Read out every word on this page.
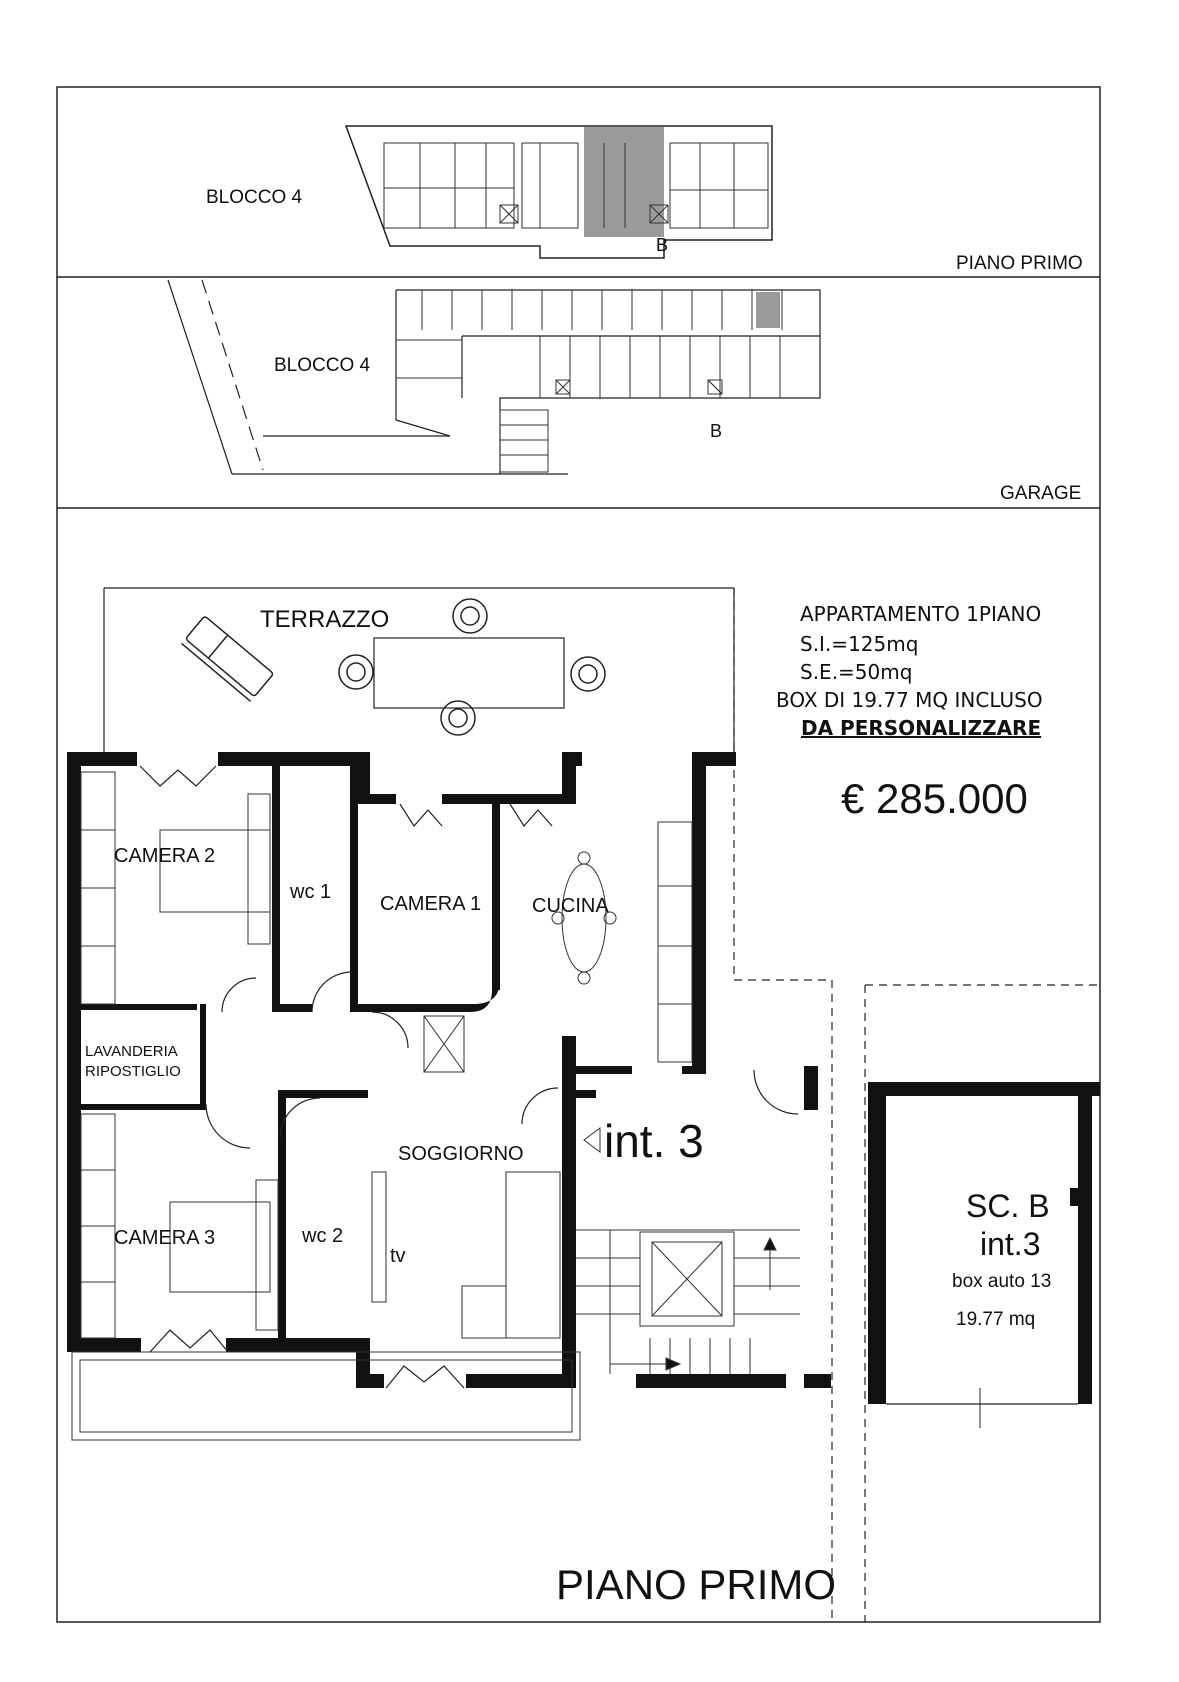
BLOCCO 4
B
PIANO PRIMO
BLOCCO 4
B
GARAGE
APPARTAMENTO 1PIANO
S.I.=125mq
S.E.=50mq
BOX DI 19.77 MQ INCLUSO
DA PERSONALIZZARE
€ 285.000
TERRAZZO
CAMERA 2
wc 1
CAMERA 1	CUCINA
LAVANDERIA
RIPOSTIGLIO
SOGGIORNO
CAMERA 3	wc 2
tv
int. 3
SC. B
int.3
box auto 13
19.77 mq
PIANO PRIMO
